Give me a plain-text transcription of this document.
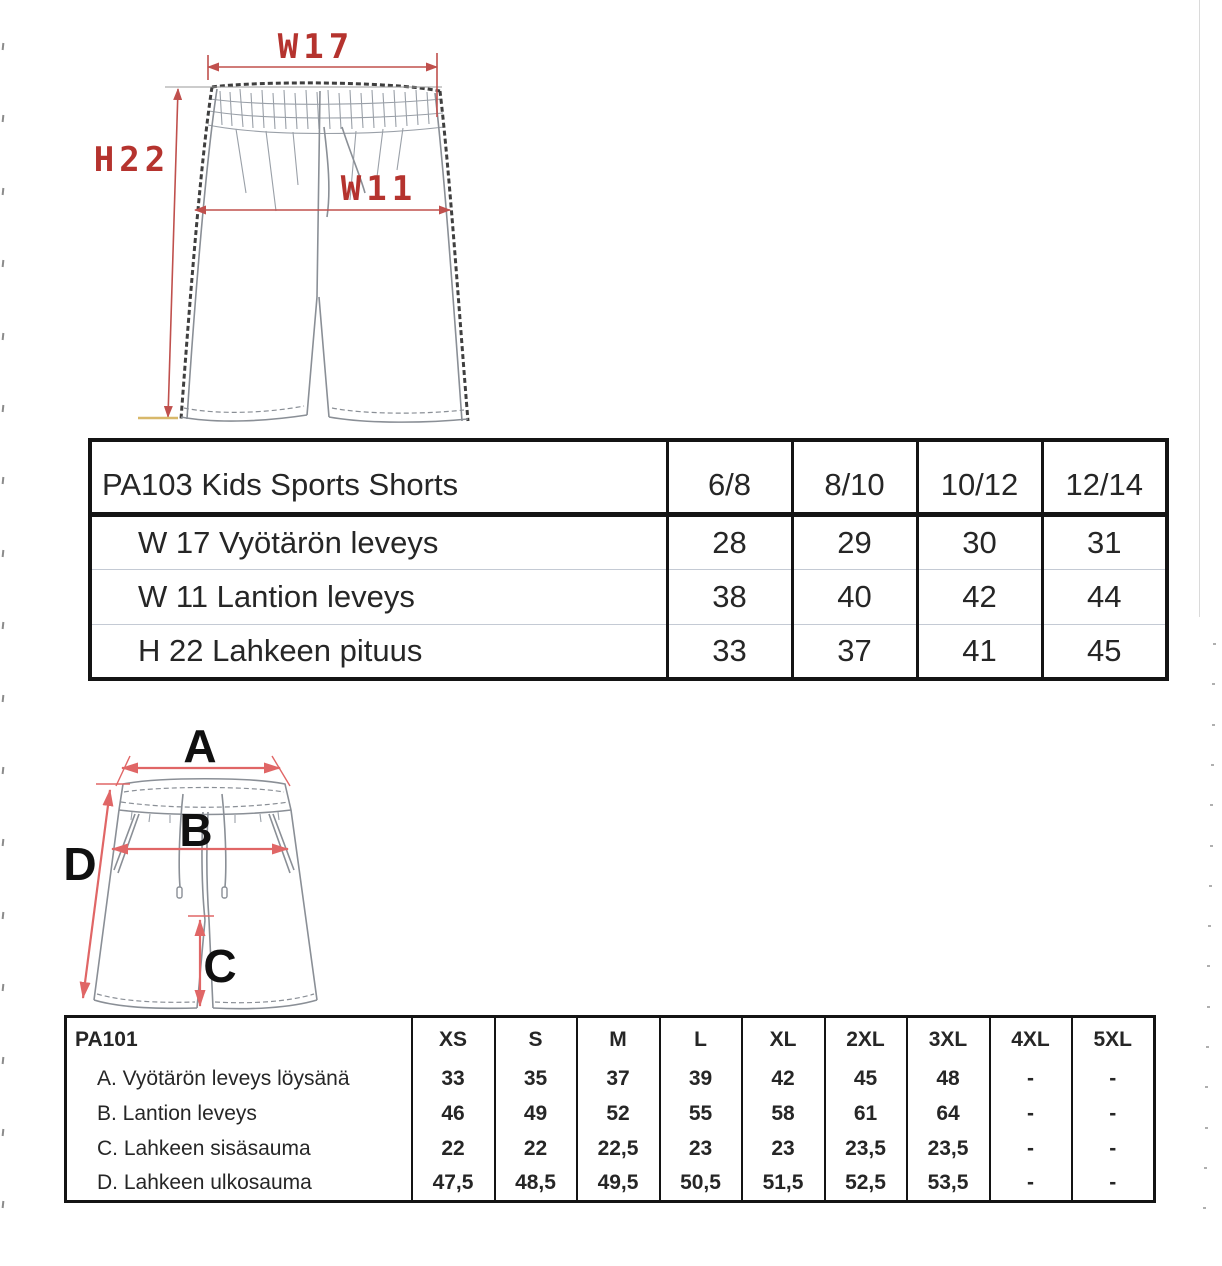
W17
H22
W11
PA103 Kids Sports Shorts	6/8	8/10	10/12	12/14
W 17 Vyötärön leveys	28	29	30	31
W 11 Lantion leveys	38	40	42	44
H 22 Lahkeen pituus	33	37	41	45
A
B
C
D
PA101	XS	S	M	L	XL	2XL	3XL	4XL	5XL
A. Vyötärön leveys löysänä	33	35	37	39	42	45	48	-	-
B. Lantion leveys	46	49	52	55	58	61	64	-	-
C. Lahkeen sisäsauma	22	22	22,5	23	23	23,5	23,5	-	-
D. Lahkeen ulkosauma	47,5	48,5	49,5	50,5	51,5	52,5	53,5	-	-
